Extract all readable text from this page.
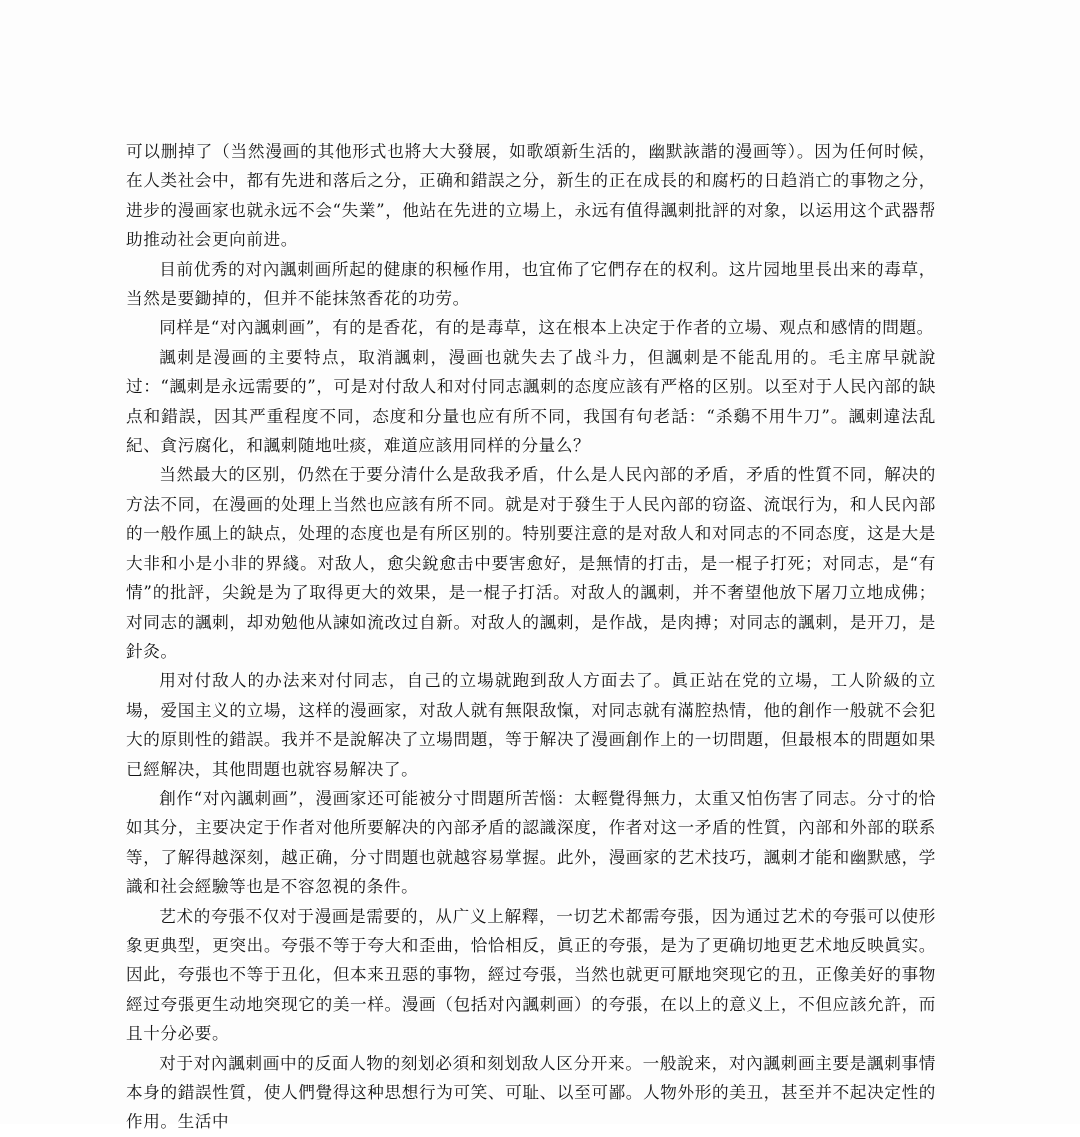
可以删掉了（当然漫画的其他形式也將大大發展，如歌頌新生活的，幽默詼諧的漫画等）。因为任何时候，在人类社会中，都有先进和落后之分，正确和錯誤之分，新生的正在成長的和腐朽的日趋消亡的事物之分，进步的漫画家也就永远不会“失業”，他站在先进的立場上，永远有值得諷刺批評的对象，以运用这个武器帮助推动社会更向前进。

目前优秀的对內諷刺画所起的健康的积極作用，也宜佈了它們存在的权利。这片园地里長出来的毒草，当然是要鋤掉的，但并不能抹煞香花的功劳。

同样是“对內諷刺画”，有的是香花，有的是毒草，这在根本上决定于作者的立場、观点和感情的問題。

諷刺是漫画的主要特点，取消諷刺，漫画也就失去了战斗力，但諷刺是不能乱用的。毛主席早就說过：“諷刺是永远需要的”，可是对付敌人和对付同志諷刺的态度应該有严格的区别。以至对于人民內部的缺点和錯誤，因其严重程度不同，态度和分量也应有所不同，我国有句老話：“杀鷄不用牛刀”。諷刺違法乱紀、貪污腐化，和諷刺随地吐痰，难道应該用同样的分量么？

当然最大的区别，仍然在于要分清什么是敌我矛盾，什么是人民內部的矛盾，矛盾的性質不同，解决的方法不同，在漫画的处理上当然也应該有所不同。就是对于發生于人民內部的窃盗、流氓行为，和人民內部的一般作風上的缺点，处理的态度也是有所区别的。特别要注意的是对敌人和对同志的不同态度，这是大是大非和小是小非的界綫。对敌人，愈尖銳愈击中要害愈好，是無情的打击，是一棍子打死；对同志，是“有情”的批評，尖銳是为了取得更大的效果，是一棍子打活。对敌人的諷刺，并不奢望他放下屠刀立地成佛；对同志的諷刺，却劝勉他从諫如流改过自新。对敌人的諷刺，是作战，是肉搏；对同志的諷刺，是开刀，是針灸。

用对付敌人的办法来对付同志，自己的立場就跑到敌人方面去了。眞正站在党的立場，工人阶級的立場，爱国主义的立場，这样的漫画家，对敌人就有無限敌愾，对同志就有滿腔热情，他的創作一般就不会犯大的原則性的錯誤。我并不是說解决了立場問題，等于解决了漫画創作上的一切問題，但最根本的問題如果已經解决，其他問題也就容易解决了。

創作“对內諷刺画”，漫画家还可能被分寸問題所苦惱：太輕覺得無力，太重又怕伤害了同志。分寸的恰如其分，主要决定于作者对他所要解决的內部矛盾的認識深度，作者对这一矛盾的性質，內部和外部的联系等，了解得越深刻，越正确，分寸問題也就越容易掌握。此外，漫画家的艺术技巧，諷刺才能和幽默感，学識和社会經驗等也是不容忽視的条件。

艺术的夸張不仅对于漫画是需要的，从广义上解釋，一切艺术都需夸張，因为通过艺术的夸張可以使形象更典型，更突出。夸張不等于夸大和歪曲，恰恰相反，眞正的夸張，是为了更确切地更艺术地反映眞实。因此，夸張也不等于丑化，但本来丑惡的事物，經过夸張，当然也就更可厭地突现它的丑，正像美好的事物經过夸張更生动地突现它的美一样。漫画（包括对內諷刺画）的夸張，在以上的意义上，不但应該允許，而且十分必要。

对于对內諷刺画中的反面人物的刻划必須和刻划敌人区分开来。一般說来，对內諷刺画主要是諷刺事情本身的錯誤性質，使人們覺得这种思想行为可笑、可耻、以至可鄙。人物外形的美丑，甚至并不起决定性的作用。生活中
